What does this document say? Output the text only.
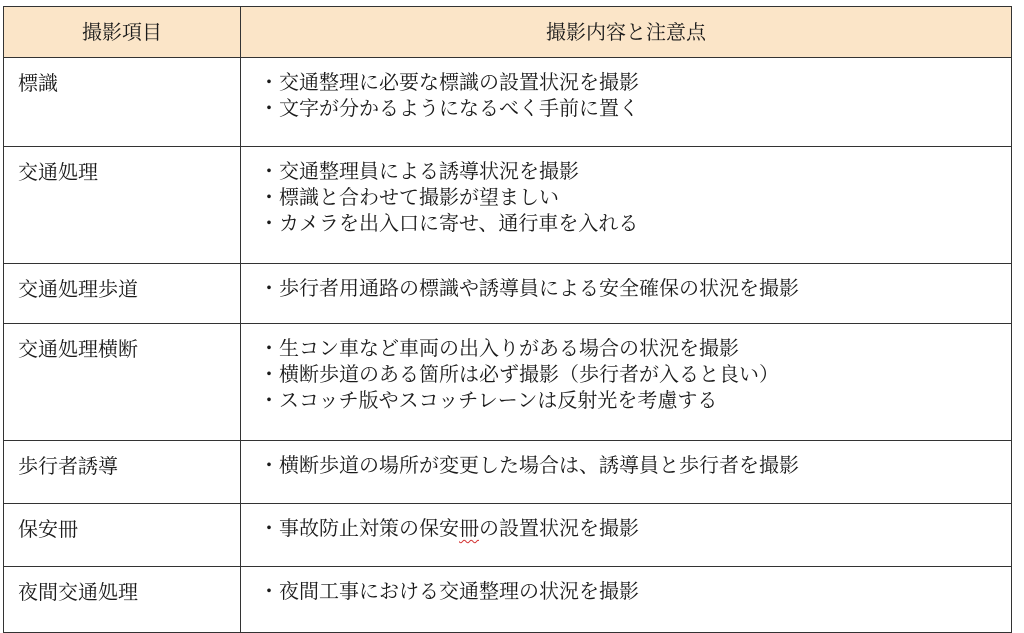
撮影項目	撮影内容と注意点
標識	・交通整理に必要な標識の設置状況を撮影
・文字が分かるようになるべく手前に置く

交通処理	・交通整理員による誘導状況を撮影
・標識と合わせて撮影が望ましい
・カメラを出入口に寄せ、通行車を入れる

交通処理歩道	・歩行者用通路の標識や誘導員による安全確保の状況を撮影

交通処理横断	・生コン車など車両の出入りがある場合の状況を撮影
・横断歩道のある箇所は必ず撮影（歩行者が入ると良い）
・スコッチ版やスコッチレーンは反射光を考慮する

歩行者誘導	・横断歩道の場所が変更した場合は、誘導員と歩行者を撮影

保安冊	・事故防止対策の保安冊の設置状況を撮影

夜間交通処理	・夜間工事における交通整理の状況を撮影
